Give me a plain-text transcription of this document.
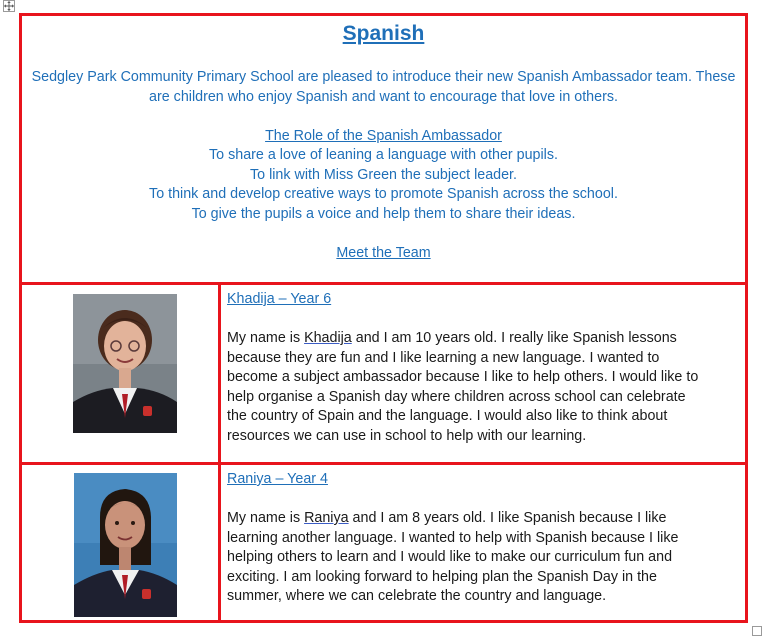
Spanish
Sedgley Park Community Primary School are pleased to introduce their new Spanish Ambassador team. These
are children who enjoy Spanish and want to encourage that love in others.

The Role of the Spanish Ambassador
To share a love of leaning a language with other pupils.
To link with Miss Green the subject leader.
To think and develop creative ways to promote Spanish across the school.
To give the pupils a voice and help them to share their ideas.

Meet the Team
Khadija – Year 6
My name is Khadija and I am 10 years old. I really like Spanish lessons
because they are fun and I like learning a new language. I wanted to
become a subject ambassador because I like to help others. I would like to
help organise a Spanish day where children across school can celebrate
the country of Spain and the language. I would also like to think about
resources we can use in school to help with our learning.
Raniya – Year 4
My name is Raniya and I am 8 years old. I like Spanish because I like
learning another language. I wanted to help with Spanish because I like
helping others to learn and I would like to make our curriculum fun and
exciting. I am looking forward to helping plan the Spanish Day in the
summer, where we can celebrate the country and language.
